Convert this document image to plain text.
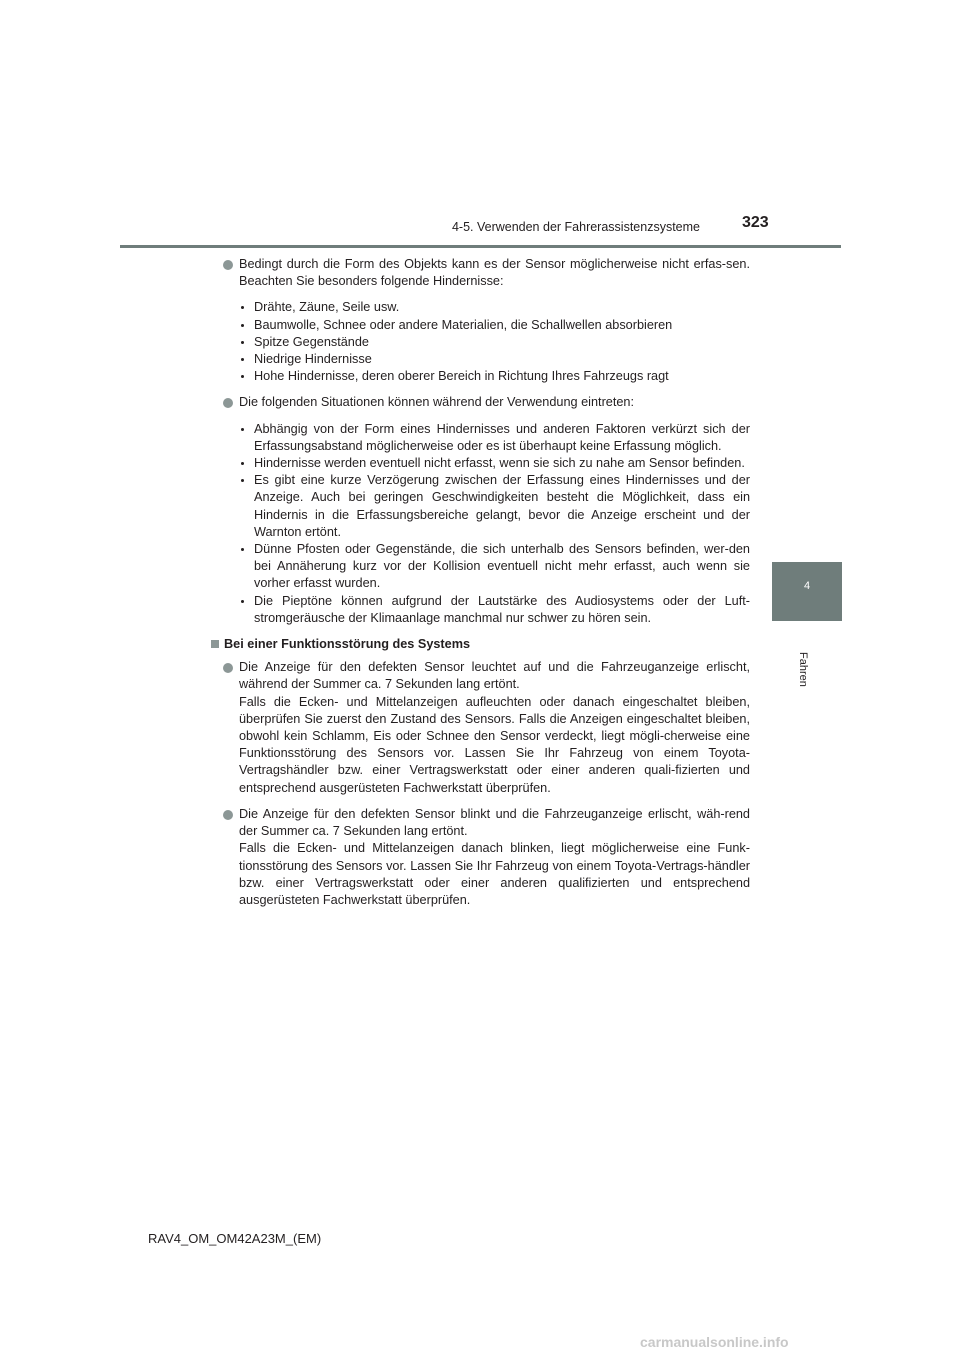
4-5. Verwenden der Fahrerassistenzsysteme	323
4
Fahren
Bedingt durch die Form des Objekts kann es der Sensor möglicherweise nicht erfas-sen. Beachten Sie besonders folgende Hindernisse:
Drähte, Zäune, Seile usw.
Baumwolle, Schnee oder andere Materialien, die Schallwellen absorbieren
Spitze Gegenstände
Niedrige Hindernisse
Hohe Hindernisse, deren oberer Bereich in Richtung Ihres Fahrzeugs ragt
Die folgenden Situationen können während der Verwendung eintreten:
Abhängig von der Form eines Hindernisses und anderen Faktoren verkürzt sich der Erfassungsabstand möglicherweise oder es ist überhaupt keine Erfassung möglich.
Hindernisse werden eventuell nicht erfasst, wenn sie sich zu nahe am Sensor befinden.
Es gibt eine kurze Verzögerung zwischen der Erfassung eines Hindernisses und der Anzeige. Auch bei geringen Geschwindigkeiten besteht die Möglichkeit, dass ein Hindernis in die Erfassungsbereiche gelangt, bevor die Anzeige erscheint und der Warnton ertönt.
Dünne Pfosten oder Gegenstände, die sich unterhalb des Sensors befinden, wer-den bei Annäherung kurz vor der Kollision eventuell nicht mehr erfasst, auch wenn sie vorher erfasst wurden.
Die Pieptöne können aufgrund der Lautstärke des Audiosystems oder der Luft-stromgeräusche der Klimaanlage manchmal nur schwer zu hören sein.
Bei einer Funktionsstörung des Systems
Die Anzeige für den defekten Sensor leuchtet auf und die Fahrzeuganzeige erlischt, während der Summer ca. 7 Sekunden lang ertönt.
Falls die Ecken- und Mittelanzeigen aufleuchten oder danach eingeschaltet bleiben, überprüfen Sie zuerst den Zustand des Sensors. Falls die Anzeigen eingeschaltet bleiben, obwohl kein Schlamm, Eis oder Schnee den Sensor verdeckt, liegt mögli-cherweise eine Funktionsstörung des Sensors vor. Lassen Sie Ihr Fahrzeug von einem Toyota-Vertragshändler bzw. einer Vertragswerkstatt oder einer anderen quali-fizierten und entsprechend ausgerüsteten Fachwerkstatt überprüfen.
Die Anzeige für den defekten Sensor blinkt und die Fahrzeuganzeige erlischt, wäh-rend der Summer ca. 7 Sekunden lang ertönt.
Falls die Ecken- und Mittelanzeigen danach blinken, liegt möglicherweise eine Funk-tionsstörung des Sensors vor. Lassen Sie Ihr Fahrzeug von einem Toyota-Vertrags-händler bzw. einer Vertragswerkstatt oder einer anderen qualifizierten und entsprechend ausgerüsteten Fachwerkstatt überprüfen.
RAV4_OM_OM42A23M_(EM)
carmanualsonline.info
